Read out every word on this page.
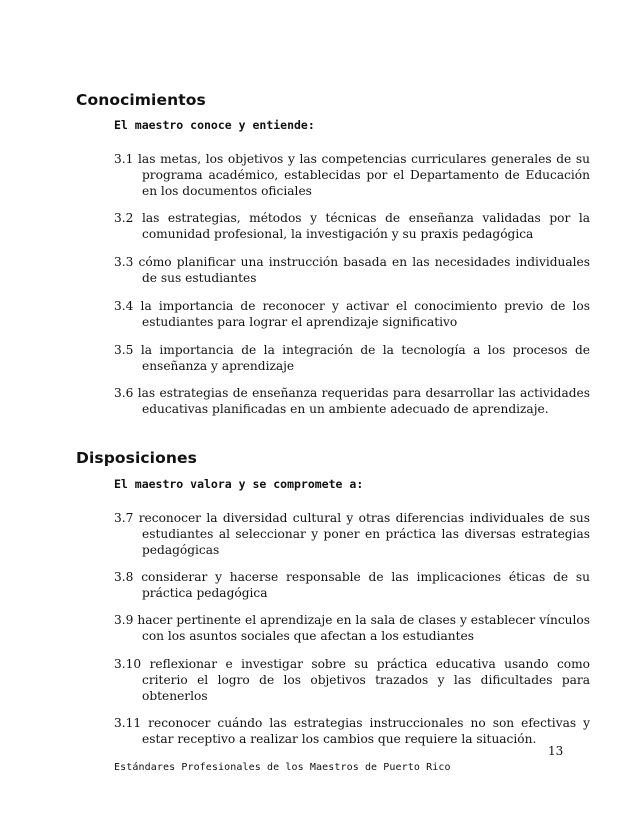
Conocimientos

El maestro conoce y entiende:

3.1 las metas, los objetivos y las competencias curriculares generales de su programa académico, establecidas por el Departamento de Educación en los documentos oficiales

3.2 las estrategias, métodos y técnicas de enseñanza validadas por la comunidad profesional, la investigación y su praxis pedagógica

3.3 cómo planificar una instrucción basada en las necesidades individuales de sus estudiantes

3.4 la importancia de reconocer y activar el conocimiento previo de los estudiantes para lograr el aprendizaje significativo

3.5 la importancia de la integración de la tecnología a los procesos de enseñanza y aprendizaje

3.6 las estrategias de enseñanza requeridas para desarrollar las actividades educativas planificadas en un ambiente adecuado de aprendizaje.

Disposiciones

El maestro valora y se compromete a:

3.7 reconocer la diversidad cultural y otras diferencias individuales de sus estudiantes al seleccionar y poner en práctica las diversas estrategias pedagógicas

3.8 considerar y hacerse responsable de las implicaciones éticas de su práctica pedagógica

3.9 hacer pertinente el aprendizaje en la sala de clases y establecer vínculos con los asuntos sociales que afectan a los estudiantes

3.10 reflexionar e investigar sobre su práctica educativa usando como criterio el logro de los objetivos trazados y las dificultades para obtenerlos

3.11 reconocer cuándo las estrategias instruccionales no son efectivas y estar receptivo a realizar los cambios que requiere la situación.

13
Estándares Profesionales de los Maestros de Puerto Rico
